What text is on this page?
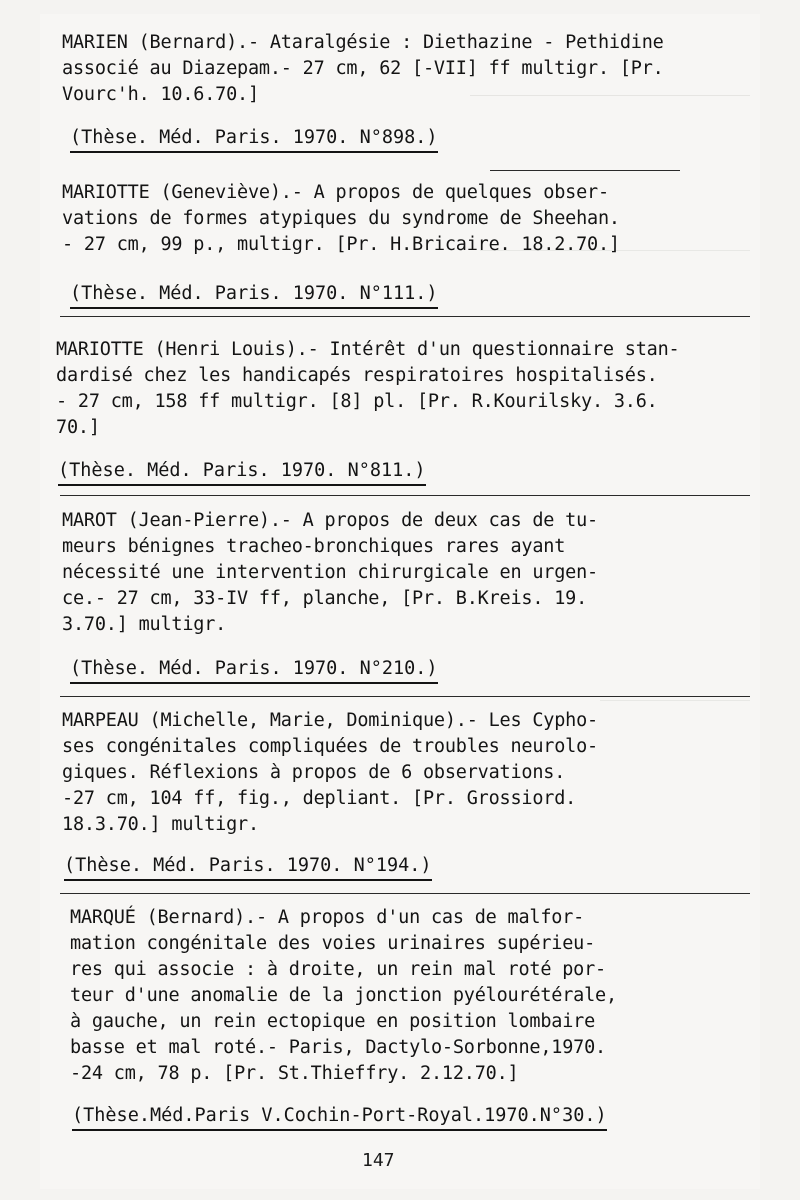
MARIEN (Bernard).- Ataralgésie : Diethazine - Pethidine

associé au Diazepam.- 27 cm, 62 [-VII] ff multigr. [Pr.

Vourc'h. 10.6.70.]

(Thèse. Méd. Paris. 1970. N°898.)

MARIOTTE (Geneviève).- A propos de quelques obser-

vations de formes atypiques du syndrome de Sheehan.

- 27 cm, 99 p., multigr. [Pr. H.Bricaire. 18.2.70.]

(Thèse. Méd. Paris. 1970. N°111.)

MARIOTTE (Henri Louis).- Intérêt d'un questionnaire stan-

dardisé chez les handicapés respiratoires hospitalisés.

- 27 cm, 158 ff multigr. [8] pl. [Pr. R.Kourilsky. 3.6.

70.]

(Thèse. Méd. Paris. 1970. N°811.)

MAROT (Jean-Pierre).- A propos de deux cas de tu-

meurs bénignes tracheo-bronchiques rares ayant

nécessité une intervention chirurgicale en urgen-

ce.- 27 cm, 33-IV ff, planche, [Pr. B.Kreis. 19.

3.70.] multigr.

(Thèse. Méd. Paris. 1970. N°210.)

MARPEAU (Michelle, Marie, Dominique).- Les Cypho-

ses congénitales compliquées de troubles neurolo-

giques. Réflexions à propos de 6 observations.

-27 cm, 104 ff, fig., depliant. [Pr. Grossiord.

18.3.70.] multigr.

(Thèse. Méd. Paris. 1970. N°194.)

MARQUÉ (Bernard).- A propos d'un cas de malfor-

mation congénitale des voies urinaires supérieu-

res qui associe : à droite, un rein mal roté por-

teur d'une anomalie de la jonction pyélourétérale,

à gauche, un rein ectopique en position lombaire

basse et mal roté.- Paris, Dactylo-Sorbonne,1970.

-24 cm, 78 p. [Pr. St.Thieffry. 2.12.70.]

(Thèse.Méd.Paris V.Cochin-Port-Royal.1970.N°30.)
147
